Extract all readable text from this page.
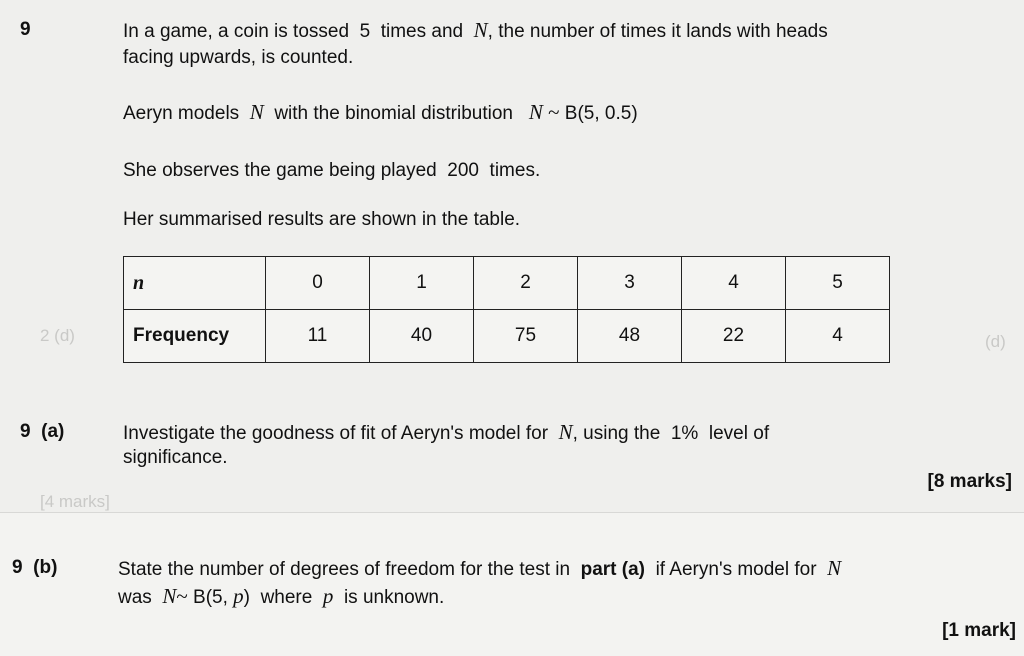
2 (d)	(d)
[4 marks]
9	In a game, a coin is tossed 5 times and N, the number of times it lands with heads
facing upwards, is counted.
Aeryn models N with the binomial distribution N ~ B(5, 0.5)
She observes the game being played 200 times.
Her summarised results are shown in the table.
n	0	1	2	3	4	5
Frequency	11	40	75	48	22	4
9 (a)	Investigate the goodness of fit of Aeryn's model for N, using the 1% level of
significance.
[8 marks]
9 (b)	State the number of degrees of freedom for the test in part (a) if Aeryn's model for N
was N~ B(5, p) where p is unknown.
[1 mark]
